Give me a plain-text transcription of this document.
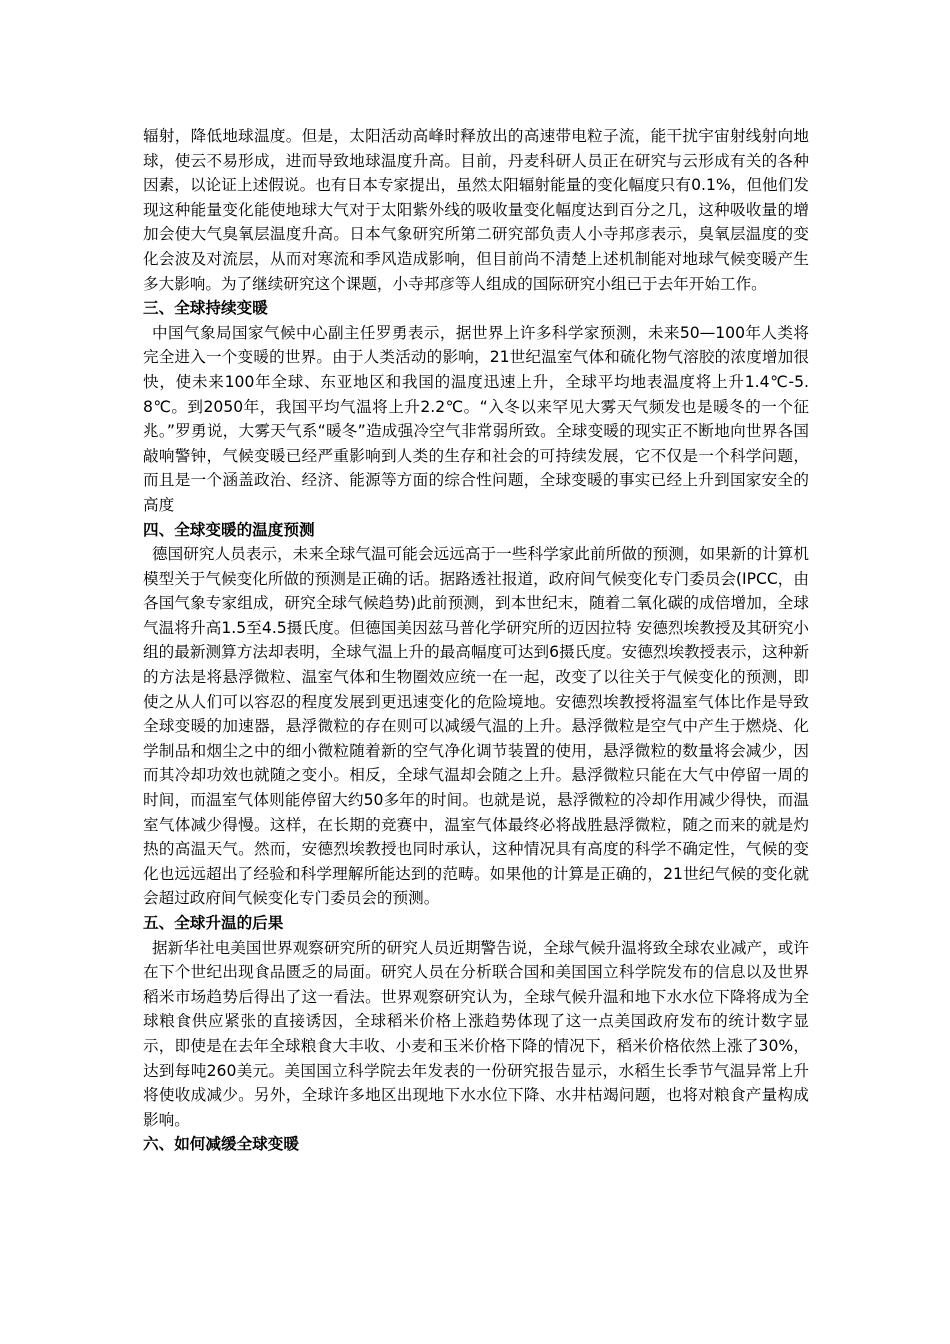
辐射，降低地球温度。但是，太阳活动高峰时释放出的高速带电粒子流，能干扰宇宙射线射向地球，使云不易形成，进而导致地球温度升高。目前，丹麦科研人员正在研究与云形成有关的各种因素，以论证上述假说。也有日本专家提出，虽然太阳辐射能量的变化幅度只有0.1%，但他们发现这种能量变化能使地球大气对于太阳紫外线的吸收量变化幅度达到百分之几，这种吸收量的增加会使大气臭氧层温度升高。日本气象研究所第二研究部负责人小寺邦彦表示，臭氧层温度的变化会波及对流层，从而对寒流和季风造成影响，但目前尚不清楚上述机制能对地球气候变暖产生多大影响。为了继续研究这个课题，小寺邦彦等人组成的国际研究小组已于去年开始工作。

三、全球持续变暖

中国气象局国家气候中心副主任罗勇表示，据世界上许多科学家预测，未来50—100年人类将完全进入一个变暖的世界。由于人类活动的影响，21世纪温室气体和硫化物气溶胶的浓度增加很快，使未来100年全球、东亚地区和我国的温度迅速上升，全球平均地表温度将上升1.4℃-5.8℃。到2050年，我国平均气温将上升2.2℃。“入冬以来罕见大雾天气频发也是暖冬的一个征兆。”罗勇说，大雾天气系“暖冬”造成强冷空气非常弱所致。全球变暖的现实正不断地向世界各国敲响警钟，气候变暖已经严重影响到人类的生存和社会的可持续发展，它不仅是一个科学问题，而且是一个涵盖政治、经济、能源等方面的综合性问题，全球变暖的事实已经上升到国家安全的高度

四、全球变暖的温度预测

德国研究人员表示，未来全球气温可能会远远高于一些科学家此前所做的预测，如果新的计算机模型关于气候变化所做的预测是正确的话。据路透社报道，政府间气候变化专门委员会(IPCC，由各国气象专家组成，研究全球气候趋势)此前预测，到本世纪末，随着二氧化碳的成倍增加，全球气温将升高1.5至4.5摄氏度。但德国美因兹马普化学研究所的迈因拉特 安德烈埃教授及其研究小组的最新测算方法却表明，全球气温上升的最高幅度可达到6摄氏度。安德烈埃教授表示，这种新的方法是将悬浮微粒、温室气体和生物圈效应统一在一起，改变了以往关于气候变化的预测，即使之从人们可以容忍的程度发展到更迅速变化的危险境地。安德烈埃教授将温室气体比作是导致全球变暖的加速器，悬浮微粒的存在则可以减缓气温的上升。悬浮微粒是空气中产生于燃烧、化学制品和烟尘之中的细小微粒随着新的空气净化调节装置的使用，悬浮微粒的数量将会减少，因而其冷却功效也就随之变小。相反，全球气温却会随之上升。悬浮微粒只能在大气中停留一周的时间，而温室气体则能停留大约50多年的时间。也就是说，悬浮微粒的冷却作用减少得快，而温室气体减少得慢。这样，在长期的竞赛中，温室气体最终必将战胜悬浮微粒，随之而来的就是灼热的高温天气。然而，安德烈埃教授也同时承认，这种情况具有高度的科学不确定性，气候的变化也远远超出了经验和科学理解所能达到的范畴。如果他的计算是正确的，21世纪气候的变化就会超过政府间气候变化专门委员会的预测。

五、全球升温的后果

据新华社电美国世界观察研究所的研究人员近期警告说，全球气候升温将致全球农业减产，或许在下个世纪出现食品匮乏的局面。研究人员在分析联合国和美国国立科学院发布的信息以及世界稻米市场趋势后得出了这一看法。世界观察研究认为，全球气候升温和地下水水位下降将成为全球粮食供应紧张的直接诱因，全球稻米价格上涨趋势体现了这一点美国政府发布的统计数字显示，即使是在去年全球粮食大丰收、小麦和玉米价格下降的情况下，稻米价格依然上涨了30%，达到每吨260美元。美国国立科学院去年发表的一份研究报告显示，水稻生长季节气温异常上升将使收成减少。另外，全球许多地区出现地下水水位下降、水井枯竭问题，也将对粮食产量构成影响。

六、如何减缓全球变暖
